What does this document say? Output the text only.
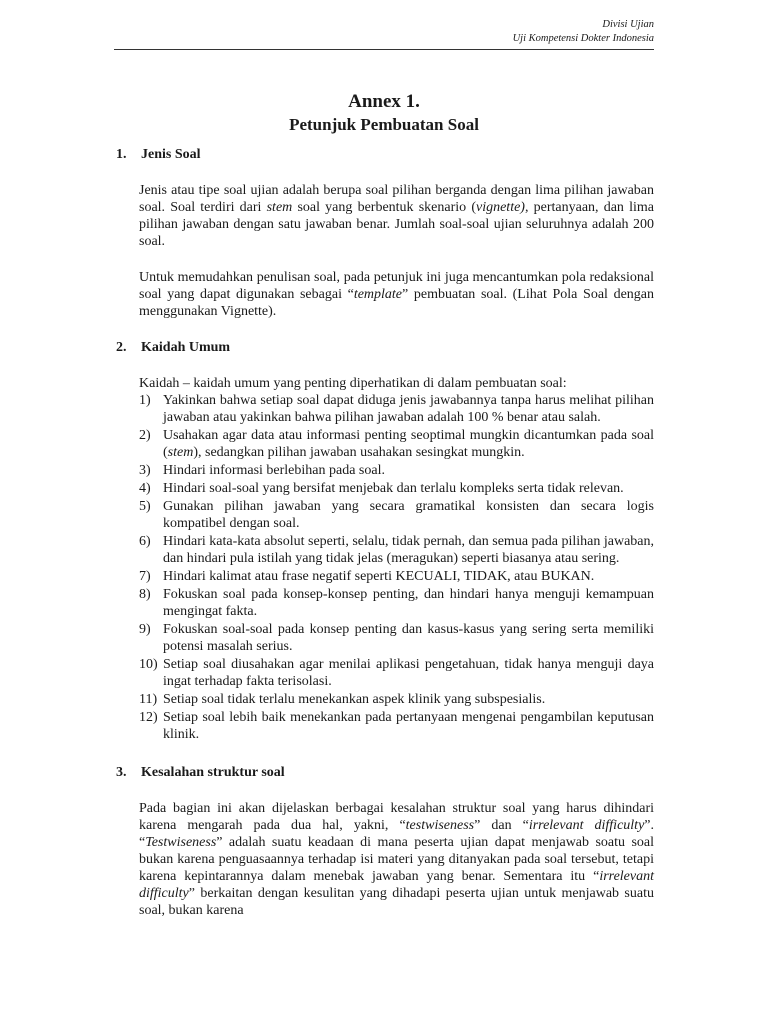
Divisi Ujian
Uji Kompetensi Dokter Indonesia
Annex 1.
Petunjuk Pembuatan Soal
1.	Jenis Soal

Jenis atau tipe soal ujian adalah berupa soal pilihan berganda dengan lima pilihan jawaban soal. Soal terdiri dari stem soal yang berbentuk skenario (vignette), pertanyaan, dan lima pilihan jawaban dengan satu jawaban benar. Jumlah soal-soal ujian seluruhnya adalah 200 soal.

Untuk memudahkan penulisan soal, pada petunjuk ini juga mencantumkan pola redaksional soal yang dapat digunakan sebagai “template” pembuatan soal. (Lihat Pola Soal dengan menggunakan Vignette).

2.	Kaidah Umum

Kaidah – kaidah umum yang penting diperhatikan di dalam pembuatan soal:

1) Yakinkan bahwa setiap soal dapat diduga jenis jawabannya tanpa harus melihat pilihan jawaban atau yakinkan bahwa pilihan jawaban adalah 100 % benar atau salah.
2) Usahakan agar data atau informasi penting seoptimal mungkin dicantumkan pada soal (stem), sedangkan pilihan jawaban usahakan sesingkat mungkin.
3) Hindari informasi berlebihan pada soal.
4) Hindari soal-soal yang bersifat menjebak dan terlalu kompleks serta tidak relevan.
5) Gunakan pilihan jawaban yang secara gramatikal konsisten dan secara logis kompatibel dengan soal.
6) Hindari kata-kata absolut seperti, selalu, tidak pernah, dan semua pada pilihan jawaban, dan hindari pula istilah yang tidak jelas (meragukan) seperti biasanya atau sering.
7) Hindari kalimat atau frase negatif seperti KECUALI, TIDAK, atau BUKAN.
8) Fokuskan soal pada konsep-konsep penting, dan hindari hanya menguji kemampuan mengingat fakta.
9) Fokuskan soal-soal pada konsep penting dan kasus-kasus yang sering serta memiliki potensi masalah serius.
10) Setiap soal diusahakan agar menilai aplikasi pengetahuan, tidak hanya menguji daya ingat terhadap fakta terisolasi.
11) Setiap soal tidak terlalu menekankan aspek klinik yang subspesialis.
12) Setiap soal lebih baik menekankan pada pertanyaan mengenai pengambilan keputusan klinik.
3.	Kesalahan struktur soal

Pada bagian ini akan dijelaskan berbagai kesalahan struktur soal yang harus dihindari karena mengarah pada dua hal, yakni, “testwiseness” dan “irrelevant difficulty”. “Testwiseness” adalah suatu keadaan di mana peserta ujian dapat menjawab soatu soal bukan karena penguasaannya terhadap isi materi yang ditanyakan pada soal tersebut, tetapi karena kepintarannya dalam menebak jawaban yang benar. Sementara itu “irrelevant difficulty” berkaitan dengan kesulitan yang dihadapi peserta ujian untuk menjawab suatu soal, bukan karena
